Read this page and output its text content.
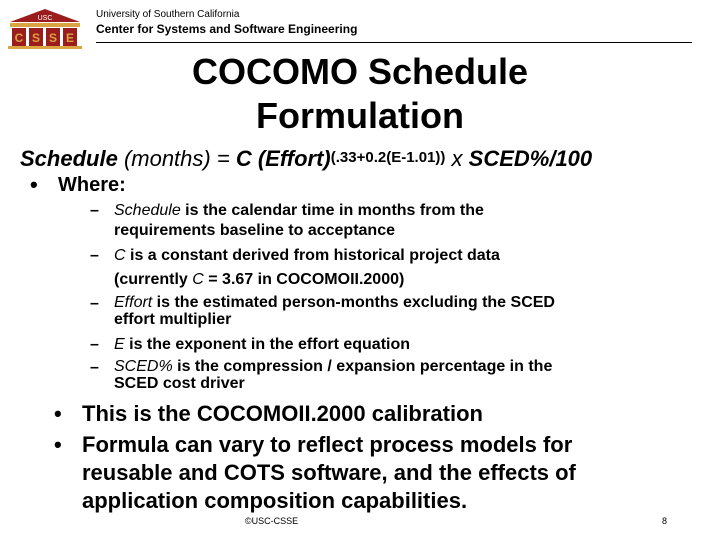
USC
C S S E
University of Southern California
Center for Systems and Software Engineering
COCOMO Schedule
Formulation
Schedule (months) = C (Effort)$^{(.33+0.2(E-1.01))}$ x SCED%/100
• Where:
– Schedule is the calendar time in months from the
requirements baseline to acceptance
– C is a constant derived from historical project data
(currently C = 3.67 in COCOMOII.2000)
– Effort is the estimated person-months excluding the SCED
effort multiplier
– E is the exponent in the effort equation
– SCED% is the compression / expansion percentage in the
SCED cost driver
• This is the COCOMOII.2000 calibration
• Formula can vary to reflect process models for
reusable and COTS software, and the effects of
application composition capabilities.
©USC-CSSE	8
